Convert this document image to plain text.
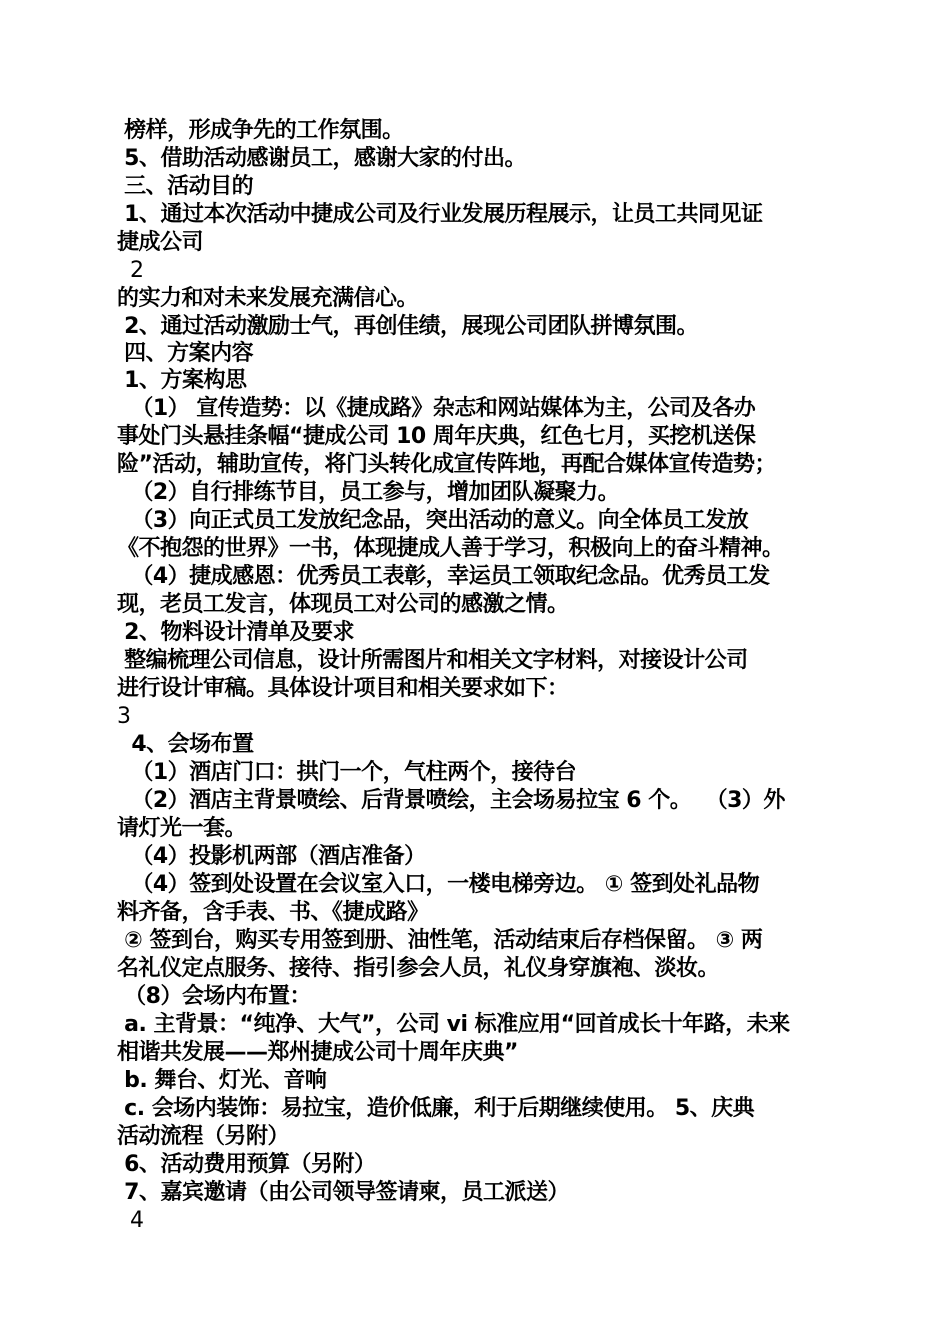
榜样，形成争先的工作氛围。
5、借助活动感谢员工，感谢大家的付出。
三、活动目的
1、通过本次活动中捷成公司及行业发展历程展示，让员工共同见证
捷成公司
2
的实力和对未来发展充满信心。
2、通过活动激励士气，再创佳绩，展现公司团队拼博氛围。
四、方案内容
1、方案构思
（1） 宣传造势：以《捷成路》杂志和网站媒体为主，公司及各办
事处门头悬挂条幅“捷成公司 10 周年庆典，红色七月，买挖机送保
险”活动，辅助宣传，将门头转化成宣传阵地，再配合媒体宣传造势；
（2）自行排练节目，员工参与，增加团队凝聚力。
（3）向正式员工发放纪念品，突出活动的意义。向全体员工发放
《不抱怨的世界》一书，体现捷成人善于学习，积极向上的奋斗精神。
（4）捷成感恩：优秀员工表彰，幸运员工领取纪念品。优秀员工发
现，老员工发言，体现员工对公司的感激之情。
2、物料设计清单及要求
整编梳理公司信息，设计所需图片和相关文字材料，对接设计公司
进行设计审稿。具体设计项目和相关要求如下：
3
4、会场布置
（1）酒店门口：拱门一个，气柱两个，接待台
（2）酒店主背景喷绘、后背景喷绘，主会场易拉宝 6 个。  （3）外
请灯光一套。
（4）投影机两部（酒店准备）
（4）签到处设置在会议室入口，一楼电梯旁边。 ① 签到处礼品物
料齐备，含手表、书、《捷成路》
② 签到台，购买专用签到册、油性笔，活动结束后存档保留。 ③ 两
名礼仪定点服务、接待、指引参会人员，礼仪身穿旗袍、淡妆。
（8）会场内布置：
a. 主背景：“纯净、大气”，公司 vi 标准应用“回首成长十年路，未来
相谐共发展——郑州捷成公司十周年庆典”
b. 舞台、灯光、音响
c. 会场内装饰：易拉宝，造价低廉，利于后期继续使用。 5、庆典
活动流程（另附）
6、活动费用预算（另附）
7、嘉宾邀请（由公司领导签请柬，员工派送）
4
